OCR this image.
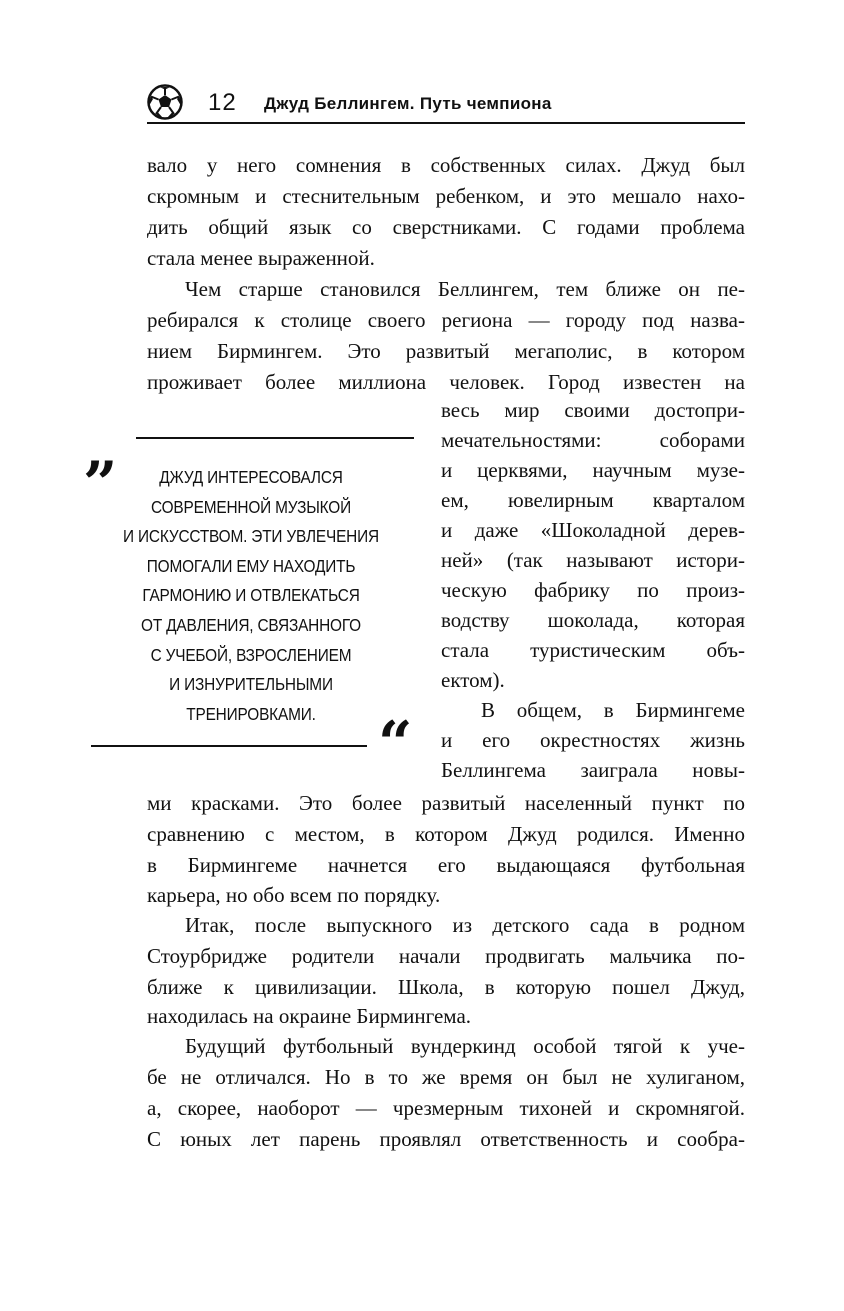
12 Джуд Беллингем. Путь чемпиона
вало у него сомнения в собственных силах. Джуд был
скромным и стеснительным ребенком, и это мешало нахо-
дить общий язык со сверстниками. С годами проблема
стала менее выраженной.
Чем старше становился Беллингем, тем ближе он пе-
ребирался к столице своего региона — городу под назва-
нием Бирмингем. Это развитый мегаполис, в котором
проживает более миллиона человек. Город известен на
весь мир своими достопри-
мечательностями: соборами
и церквями, научным музе-
ем, ювелирным кварталом
и даже «Шоколадной дерев-
ней» (так называют истори-
ческую фабрику по произ-
водству шоколада, которая
стала туристическим объ-
ектом).
В общем, в Бирмингеме
и его окрестностях жизнь
Беллингема заиграла новы-
ми красками. Это более развитый населенный пункт по
сравнению с местом, в котором Джуд родился. Именно
в Бирмингеме начнется его выдающаяся футбольная
карьера, но обо всем по порядку.
Итак, после выпускного из детского сада в родном
Стоурбридже родители начали продвигать мальчика по-
ближе к цивилизации. Школа, в которую пошел Джуд,
находилась на окраине Бирмингема.
Будущий футбольный вундеркинд особой тягой к уче-
бе не отличался. Но в то же время он был не хулиганом,
а, скорее, наоборот — чрезмерным тихоней и скромнягой.
С юных лет парень проявлял ответственность и сообра-
„	ДЖУД ИНТЕРЕСОВАЛСЯ
СОВРЕМЕННОЙ МУЗЫКОЙ
И ИСКУССТВОМ. ЭТИ УВЛЕЧЕНИЯ
ПОМОГАЛИ ЕМУ НАХОДИТЬ
ГАРМОНИЮ И ОТВЛЕКАТЬСЯ
ОТ ДАВЛЕНИЯ, СВЯЗАННОГО
С УЧЕБОЙ, ВЗРОСЛЕНИЕМ
И ИЗНУРИТЕЛЬНЫМИ
ТРЕНИРОВКАМИ.	“
